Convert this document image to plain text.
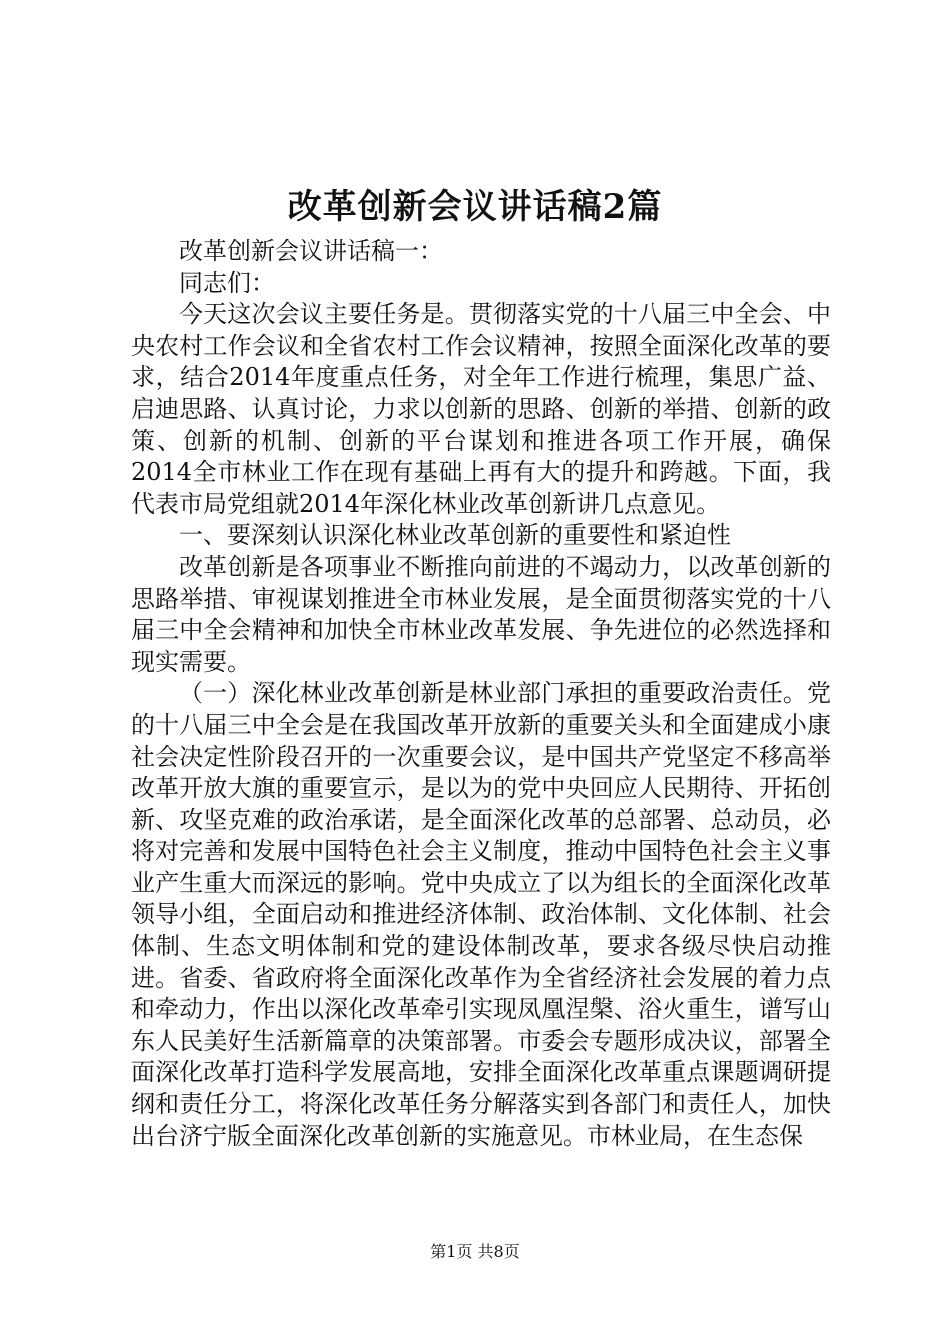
改革创新会议讲话稿2篇

改革创新会议讲话稿一：

同志们：

今天这次会议主要任务是。贯彻落实党的十八届三中全会、中央农村工作会议和全省农村工作会议精神，按照全面深化改革的要求，结合2014年度重点任务，对全年工作进行梳理，集思广益、启迪思路、认真讨论，力求以创新的思路、创新的举措、创新的政策、创新的机制、创新的平台谋划和推进各项工作开展，确保2014全市林业工作在现有基础上再有大的提升和跨越。下面，我代表市局党组就2014年深化林业改革创新讲几点意见。

一、要深刻认识深化林业改革创新的重要性和紧迫性

改革创新是各项事业不断推向前进的不竭动力，以改革创新的思路举措、审视谋划推进全市林业发展，是全面贯彻落实党的十八届三中全会精神和加快全市林业改革发展、争先进位的必然选择和现实需要。

（一）深化林业改革创新是林业部门承担的重要政治责任。党的十八届三中全会是在我国改革开放新的重要关头和全面建成小康社会决定性阶段召开的一次重要会议，是中国共产党坚定不移高举改革开放大旗的重要宣示，是以为的党中央回应人民期待、开拓创新、攻坚克难的政治承诺，是全面深化改革的总部署、总动员，必将对完善和发展中国特色社会主义制度，推动中国特色社会主义事业产生重大而深远的影响。党中央成立了以为组长的全面深化改革领导小组，全面启动和推进经济体制、政治体制、文化体制、社会体制、生态文明体制和党的建设体制改革，要求各级尽快启动推进。省委、省政府将全面深化改革作为全省经济社会发展的着力点和牵动力，作出以深化改革牵引实现凤凰涅槃、浴火重生，谱写山东人民美好生活新篇章的决策部署。市委会专题形成决议，部署全面深化改革打造科学发展高地，安排全面深化改革重点课题调研提纲和责任分工，将深化改革任务分解落实到各部门和责任人，加快出台济宁版全面深化改革创新的实施意见。市林业局，在生态保

第1页 共8页
